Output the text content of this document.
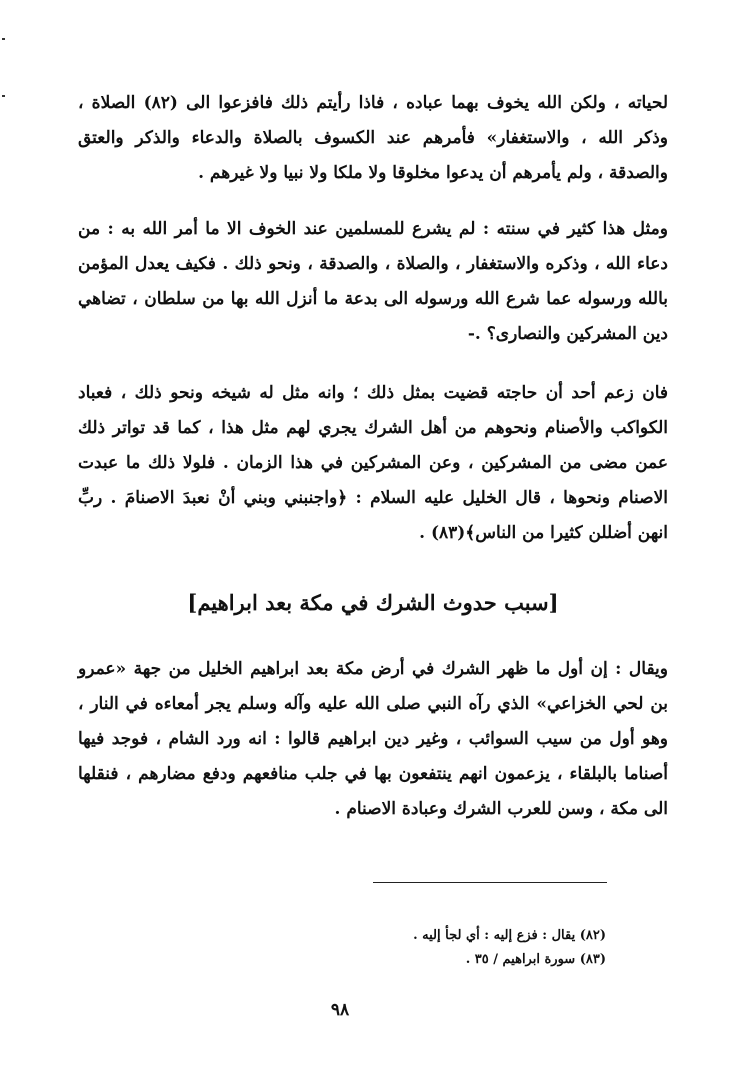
لحياته ، ولكن الله يخوف بهما عباده ، فاذا رأيتم ذلك فافزعوا الى (٨٢) الصلاة ، وذكر الله ، والاستغفار» فأمرهم عند الكسوف بالصلاة والدعاء والذكر والعتق والصدقة ، ولم يأمرهم أن يدعوا مخلوقا ولا ملكا ولا نبيا ولا غيرهم .

ومثل هذا كثير في سنته : لم يشرع للمسلمين عند الخوف الا ما أمر الله به : من دعاء الله ، وذكره والاستغفار ، والصلاة ، والصدقة ، ونحو ذلك . فكيف يعدل المؤمن بالله ورسوله عما شرع الله ورسوله الى بدعة ما أنزل الله بها من سلطان ، تضاهي دين المشركين والنصارى؟ .-

فان زعم أحد أن حاجته قضيت بمثل ذلك ؛ وانه مثل له شيخه ونحو ذلك ، فعباد الكواكب والأصنام ونحوهم من أهل الشرك يجري لهم مثل هذا ، كما قد تواتر ذلك عمن مضى من المشركين ، وعن المشركين في هذا الزمان . فلولا ذلك ما عبدت الاصنام ونحوها ، قال الخليل عليه السلام : ﴿واجنبني وبني أنْ نعبدَ الاصنامَ . ربِّ انهن أضللن كثيرا من الناس﴾(٨٣) .

[سبب حدوث الشرك في مكة بعد ابراهيم]

ويقال : إن أول ما ظهر الشرك في أرض مكة بعد ابراهيم الخليل من جهة «عمرو بن لحي الخزاعي» الذي رآه النبي صلى الله عليه وآله وسلم يجر أمعاءه في النار ، وهو أول من سيب السوائب ، وغير دين ابراهيم قالوا : انه ورد الشام ، فوجد فيها أصناما بالبلقاء ، يزعمون انهم ينتفعون بها في جلب منافعهم ودفع مضارهم ، فنقلها الى مكة ، وسن للعرب الشرك وعبادة الاصنام .

(٨٢) يقال : فزع إليه : أي لجأ إليه .

(٨٣) سورة ابراهيم / ٣٥ .

٩٨
